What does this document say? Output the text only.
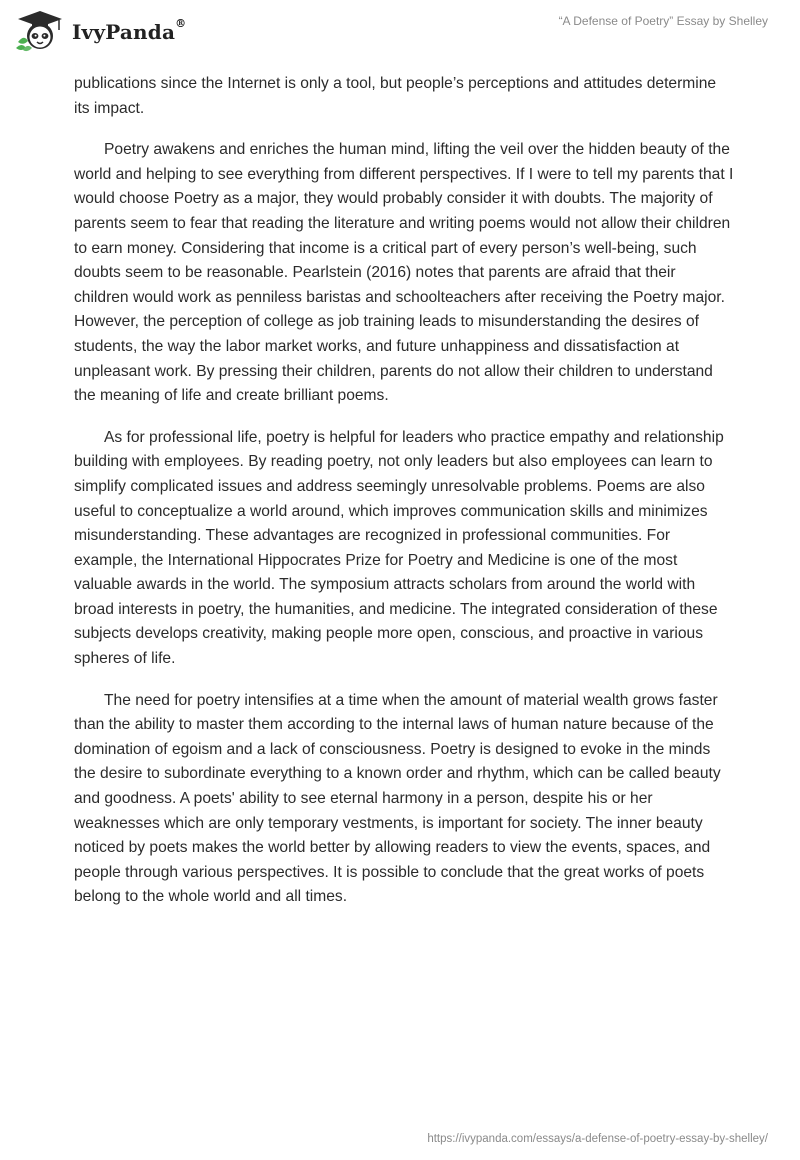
IvyPanda®	“A Defense of Poetry” Essay by Shelley

publications since the Internet is only a tool, but people’s perceptions and attitudes determine its impact.

Poetry awakens and enriches the human mind, lifting the veil over the hidden beauty of the world and helping to see everything from different perspectives. If I were to tell my parents that I would choose Poetry as a major, they would probably consider it with doubts. The majority of parents seem to fear that reading the literature and writing poems would not allow their children to earn money. Considering that income is a critical part of every person’s well-being, such doubts seem to be reasonable. Pearlstein (2016) notes that parents are afraid that their children would work as penniless baristas and schoolteachers after receiving the Poetry major. However, the perception of college as job training leads to misunderstanding the desires of students, the way the labor market works, and future unhappiness and dissatisfaction at unpleasant work. By pressing their children, parents do not allow their children to understand the meaning of life and create brilliant poems.

As for professional life, poetry is helpful for leaders who practice empathy and relationship building with employees. By reading poetry, not only leaders but also employees can learn to simplify complicated issues and address seemingly unresolvable problems. Poems are also useful to conceptualize a world around, which improves communication skills and minimizes misunderstanding. These advantages are recognized in professional communities. For example, the International Hippocrates Prize for Poetry and Medicine is one of the most valuable awards in the world. The symposium attracts scholars from around the world with broad interests in poetry, the humanities, and medicine. The integrated consideration of these subjects develops creativity, making people more open, conscious, and proactive in various spheres of life.

The need for poetry intensifies at a time when the amount of material wealth grows faster than the ability to master them according to the internal laws of human nature because of the domination of egoism and a lack of consciousness. Poetry is designed to evoke in the minds the desire to subordinate everything to a known order and rhythm, which can be called beauty and goodness. A poets' ability to see eternal harmony in a person, despite his or her weaknesses which are only temporary vestments, is important for society. The inner beauty noticed by poets makes the world better by allowing readers to view the events, spaces, and people through various perspectives. It is possible to conclude that the great works of poets belong to the whole world and all times.

https://ivypanda.com/essays/a-defense-of-poetry-essay-by-shelley/
